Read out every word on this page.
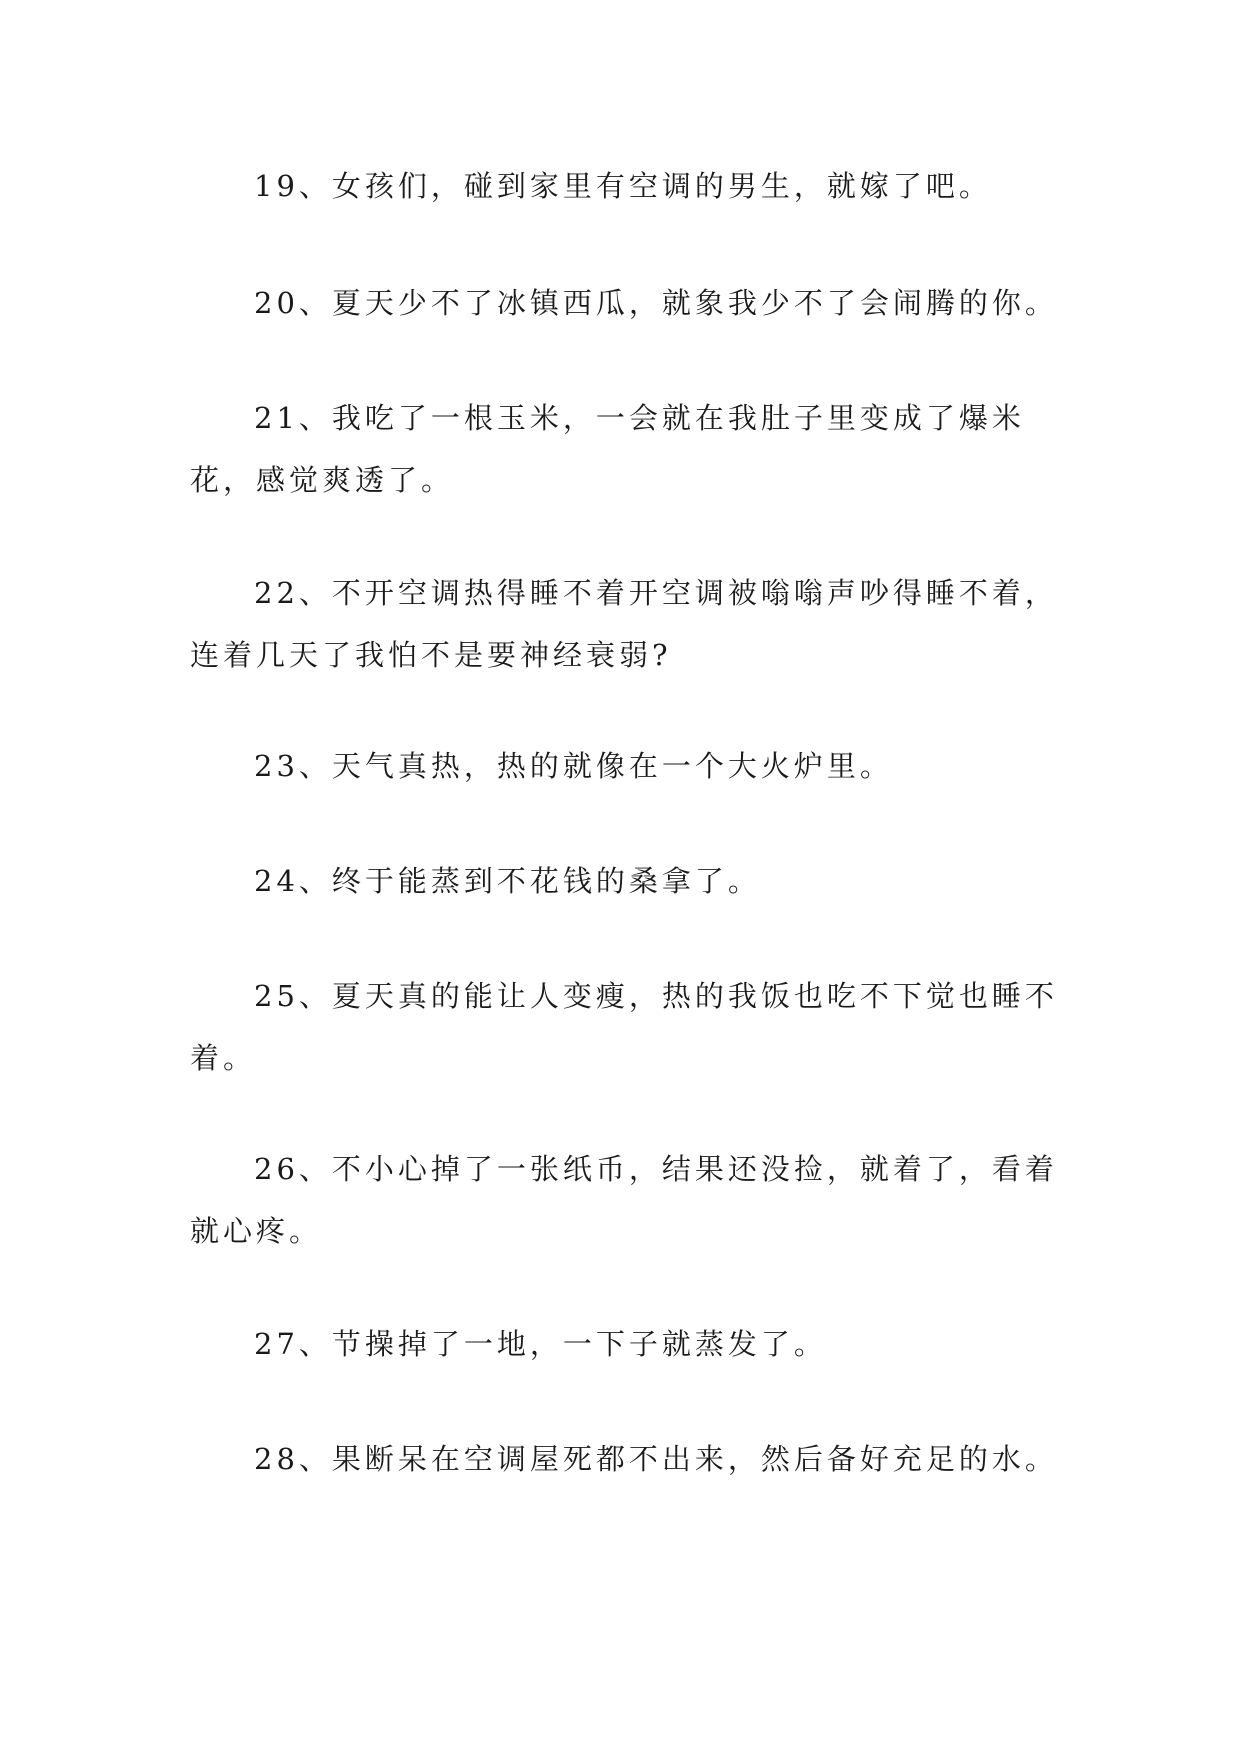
19、女孩们，碰到家里有空调的男生，就嫁了吧。

20、夏天少不了冰镇西瓜，就象我少不了会闹腾的你。

21、我吃了一根玉米，一会就在我肚子里变成了爆米花，感觉爽透了。

22、不开空调热得睡不着开空调被嗡嗡声吵得睡不着，连着几天了我怕不是要神经衰弱?

23、天气真热，热的就像在一个大火炉里。

24、终于能蒸到不花钱的桑拿了。

25、夏天真的能让人变瘦，热的我饭也吃不下觉也睡不着。

26、不小心掉了一张纸币，结果还没捡，就着了，看着就心疼。

27、节操掉了一地，一下子就蒸发了。

28、果断呆在空调屋死都不出来，然后备好充足的水。
